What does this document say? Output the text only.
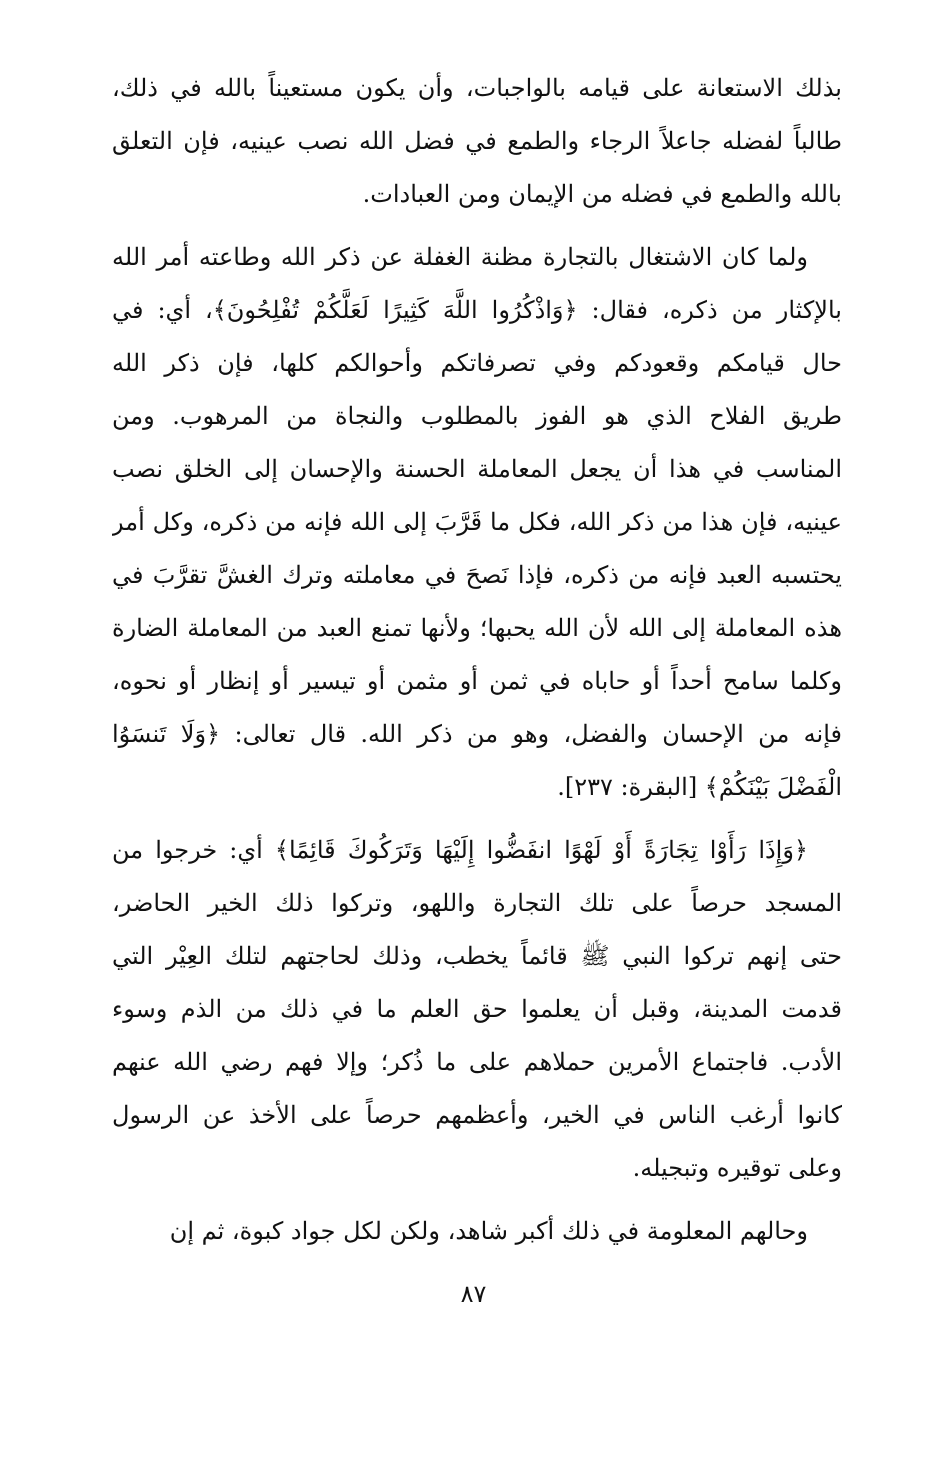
بذلك الاستعانة على قيامه بالواجبات، وأن يكون مستعيناً بالله في ذلك،
طالباً لفضله جاعلاً الرجاء والطمع في فضل الله نصب عينيه، فإن التعلق
بالله والطمع في فضله من الإيمان ومن العبادات.
ولما كان الاشتغال بالتجارة مظنة الغفلة عن ذكر الله وطاعته أمر الله
بالإكثار من ذكره، فقال: ﴿وَاذْكُرُوا اللَّهَ كَثِيرًا لَعَلَّكُمْ تُفْلِحُونَ﴾، أي: في
حال قيامكم وقعودكم وفي تصرفاتكم وأحوالكم كلها، فإن ذكر الله
طريق الفلاح الذي هو الفوز بالمطلوب والنجاة من المرهوب. ومن
المناسب في هذا أن يجعل المعاملة الحسنة والإحسان إلى الخلق نصب
عينيه، فإن هذا من ذكر الله، فكل ما قَرَّبَ إلى الله فإنه من ذكره، وكل أمر
يحتسبه العبد فإنه من ذكره، فإذا نَصحَ في معاملته وترك الغشَّ تقرَّبَ في
هذه المعاملة إلى الله لأن الله يحبها؛ ولأنها تمنع العبد من المعاملة الضارة
وكلما سامح أحداً أو حاباه في ثمن أو مثمن أو تيسير أو إنظار أو نحوه،
فإنه من الإحسان والفضل، وهو من ذكر الله. قال تعالى: ﴿وَلَا تَنسَوُا
الْفَضْلَ بَيْنَكُمْ﴾ [البقرة: ٢٣٧].
﴿وَإِذَا رَأَوْا تِجَارَةً أَوْ لَهْوًا انفَضُّوا إِلَيْهَا وَتَرَكُوكَ قَائِمًا﴾ أي: خرجوا من
المسجد حرصاً على تلك التجارة واللهو، وتركوا ذلك الخير الحاضر،
حتى إنهم تركوا النبي ﷺ قائماً يخطب، وذلك لحاجتهم لتلك العِيْر التي
قدمت المدينة، وقبل أن يعلموا حق العلم ما في ذلك من الذم وسوء
الأدب. فاجتماع الأمرين حملاهم على ما ذُكر؛ وإلا فهم رضي الله عنهم
كانوا أرغب الناس في الخير، وأعظمهم حرصاً على الأخذ عن الرسول
وعلى توقيره وتبجيله.
وحالهم المعلومة في ذلك أكبر شاهد، ولكن لكل جواد كبوة، ثم إن
٨٧
